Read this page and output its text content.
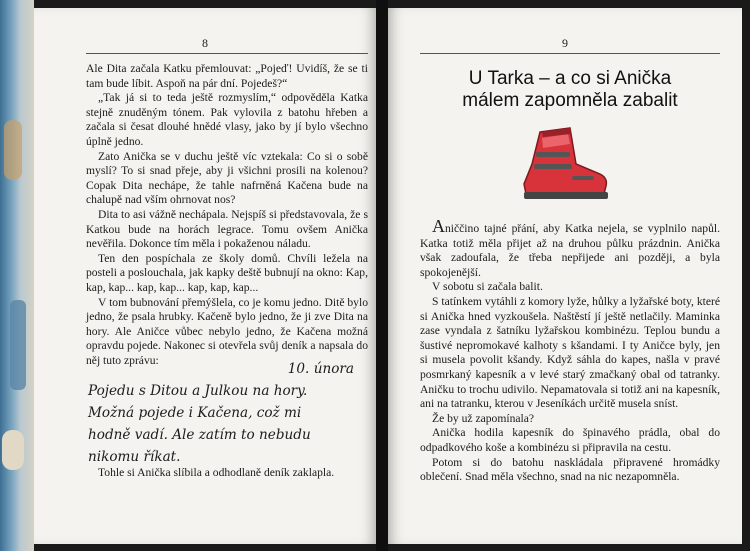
8

Ale Dita začala Katku přemlouvat: „Pojeď! Uvidíš, že se ti tam bude líbit. Aspoň na pár dní. Pojedeš?“

„Tak já si to teda ještě rozmyslím,“ odpověděla Katka stejně znuděným tónem. Pak vylovila z batohu hřeben a začala si česat dlouhé hnědé vlasy, jako by jí bylo všechno úplně jedno.

Zato Anička se v duchu ještě víc vztekala: Co si o sobě myslí? To si snad přeje, aby ji všichni prosili na kolenou? Copak Dita nechápe, že tahle nafrněná Kačena bude na chalupě nad vším ohrnovat nos?

Dita to asi vážně nechápala. Nejspíš si představovala, že s Katkou bude na horách legrace. Tomu ovšem Anička nevěřila. Dokonce tím měla i pokaženou náladu.

Ten den pospíchala ze školy domů. Chvíli ležela na posteli a poslouchala, jak kapky deště bubnují na okno: Kap, kap, kap... kap, kap... kap, kap, kap...

V tom bubnování přemýšlela, co je komu jedno. Ditě bylo jedno, že psala hrubky. Kačeně bylo jedno, že ji zve Dita na hory. Ale Aničce vůbec nebylo jedno, že Kačena možná opravdu pojede. Nakonec si otevřela svůj deník a napsala do něj tuto zprávu:

10. února
Pojedu s Ditou a Julkou na hory.
Možná pojede i Kačena, což mi
hodně vadí. Ale zatím to nebudu
nikomu říkat.
Tohle si Anička slíbila a odhodlaně deník zaklapla.
9
U Tarka – a co si Anička
málem zapomněla zabalit

Aniččino tajné přání, aby Katka nejela, se vyplnilo napůl. Katka totiž měla přijet až na druhou půlku prázdnin. Anička však zadoufala, že třeba nepřijede ani později, a byla spokojenější.

V sobotu si začala balit.

S tatínkem vytáhli z komory lyže, hůlky a lyžařské boty, které si Anička hned vyzkoušela. Naštěstí jí ještě netlačily. Maminka zase vyndala z šatníku lyžařskou kombinézu. Teplou bundu a šustivé nepromokavé kalhoty s kšandami. I ty Aničce byly, jen si musela povolit kšandy. Když sáhla do kapes, našla v pravé posmrkaný kapesník a v levé starý zmačkaný obal od tatranky. Aničku to trochu udivilo. Nepamatovala si totiž ani na kapesník, ani na tatranku, kterou v Jeseníkách určitě musela sníst.

Že by už zapomínala?

Anička hodila kapesník do špinavého prádla, obal do odpadkového koše a kombinézu si připravila na cestu.

Potom si do batohu naskládala připravené hromádky oblečení. Snad měla všechno, snad na nic nezapomněla.
